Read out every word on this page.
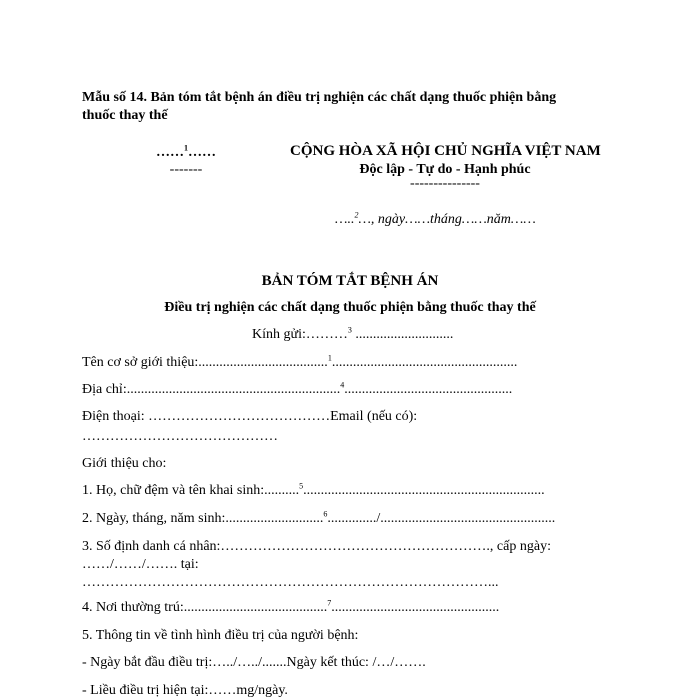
Mẫu số 14. Bản tóm tắt bệnh án điều trị nghiện các chất dạng thuốc phiện bằng
thuốc thay thế
……$^1$……
-------
CỘNG HÒA XÃ HỘI CHỦ NGHĨA VIỆT NAM
Độc lập - Tự do - Hạnh phúc
---------------
…..$^2$…, ngày……tháng……năm……
BẢN TÓM TẮT BỆNH ÁN
Điều trị nghiện các chất dạng thuốc phiện bằng thuốc thay thế
Kính gửi:………$^3$ ............................
Tên cơ sở giới thiệu:.....................................$^1$.....................................................
Địa chỉ:.............................................................$^4$................................................
Điện thoại: …………………………………Email (nếu có):
……………………………………
Giới thiệu cho:
1. Họ, chữ đệm và tên khai sinh:..........$^5$.....................................................................
2. Ngày, tháng, năm sinh:............................$^6$............../..................................................
3. Số định danh cá nhân:…………………………………………………., cấp ngày:
……/……/……. tại:
……………………………………………………………………………...
4. Nơi thường trú:.........................................$^7$................................................
5. Thông tin về tình hình điều trị của người bệnh:
- Ngày bắt đầu điều trị:…../…../.......Ngày kết thúc: /…/…….
- Liều điều trị hiện tại:……mg/ngày.
